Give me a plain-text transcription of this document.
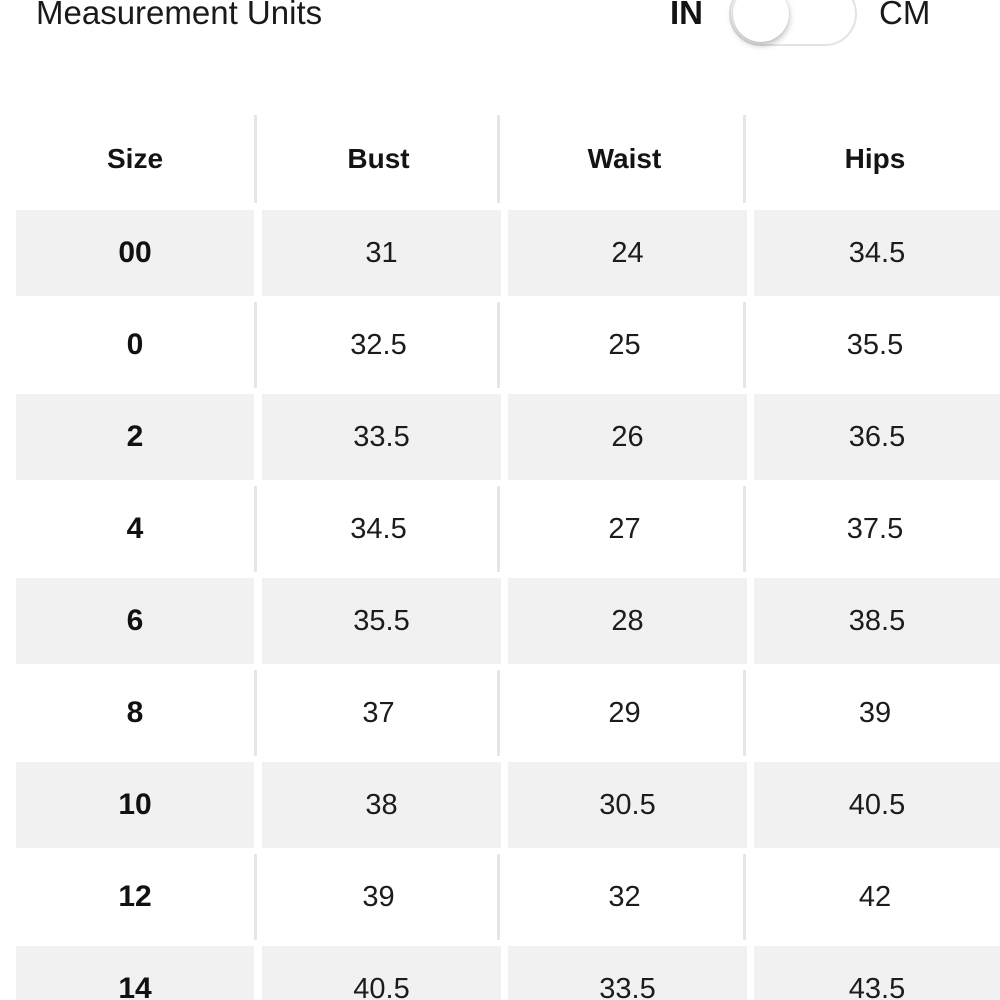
Measurement Units	IN	CM
Size	Bust	Waist	Hips
00	31	24	34.5
0	32.5	25	35.5
2	33.5	26	36.5
4	34.5	27	37.5
6	35.5	28	38.5
8	37	29	39
10	38	30.5	40.5
12	39	32	42
14	40.5	33.5	43.5
